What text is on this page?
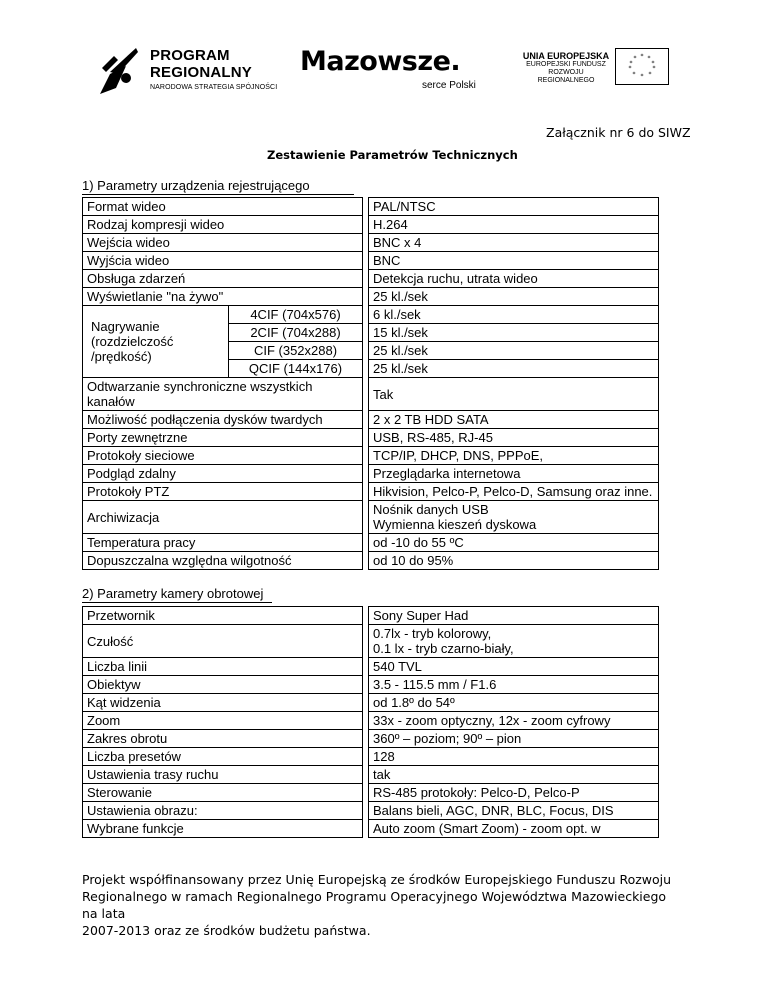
PROGRAM
REGIONALNY
NARODOWA STRATEGIA SPÓJNOŚCI
Mazowsze.
serce Polski
UNIA EUROPEJSKA
EUROPEJSKI FUNDUSZ
ROZWOJU REGIONALNEGO
* *
*
*
*
*
*
*
*
*
Załącznik nr 6 do SIWZ
Zestawienie Parametrów Technicznych
1) Parametry urządzenia rejestrującego
Format wideo			PAL/NTSC
Rodzaj kompresji wideo			H.264
Wejścia wideo			BNC x 4
Wyjścia wideo			BNC
Obsługa zdarzeń			Detekcja ruchu, utrata wideo
Wyświetlanie "na żywo"			25 kl./sek

Nagrywanie
(rozdzielczość
/prędkość)	4CIF (704x576)		6 kl./sek
	2CIF (704x288)		15 kl./sek
	CIF (352x288)		25 kl./sek
	QCIF (144x176)		25 kl./sek

Odtwarzanie synchroniczne wszystkich
kanałów			Tak
Możliwość podłączenia dysków twardych			2 x 2 TB HDD SATA
Porty zewnętrzne			USB, RS-485, RJ-45
Protokoły sieciowe			TCP/IP, DHCP, DNS, PPPoE,
Podgląd zdalny			Przeglądarka internetowa
Protokoły PTZ			Hikvision, Pelco-P, Pelco-D, Samsung oraz inne.
Archiwizacja			Nośnik danych USB
Wymienna kieszeń dyskowa

Temperatura pracy			od -10 do 55 ºC
Dopuszczalna względna wilgotność			od 10 do 95%
2) Parametry kamery obrotowej
Przetwornik		Sony Super Had
Czułość		0.7lx - tryb kolorowy,
0.1 lx - tryb czarno-biały,

Liczba linii		540 TVL
Obiektyw		3.5 - 115.5 mm / F1.6
Kąt widzenia		od 1.8º do 54º
Zoom		33x - zoom optyczny, 12x - zoom cyfrowy
Zakres obrotu		360º – poziom; 90º – pion
Liczba presetów		128
Ustawienia trasy ruchu		tak
Sterowanie		RS-485 protokoły: Pelco-D, Pelco-P
Ustawienia obrazu:		Balans bieli, AGC, DNR, BLC, Focus, DIS
Wybrane funkcje		Auto zoom (Smart Zoom) - zoom opt. w
Projekt współfinansowany przez Unię Europejską ze środków Europejskiego Funduszu Rozwoju
Regionalnego w ramach Regionalnego Programu Operacyjnego Województwa Mazowieckiego na lata
2007-2013 oraz ze środków budżetu państwa.
